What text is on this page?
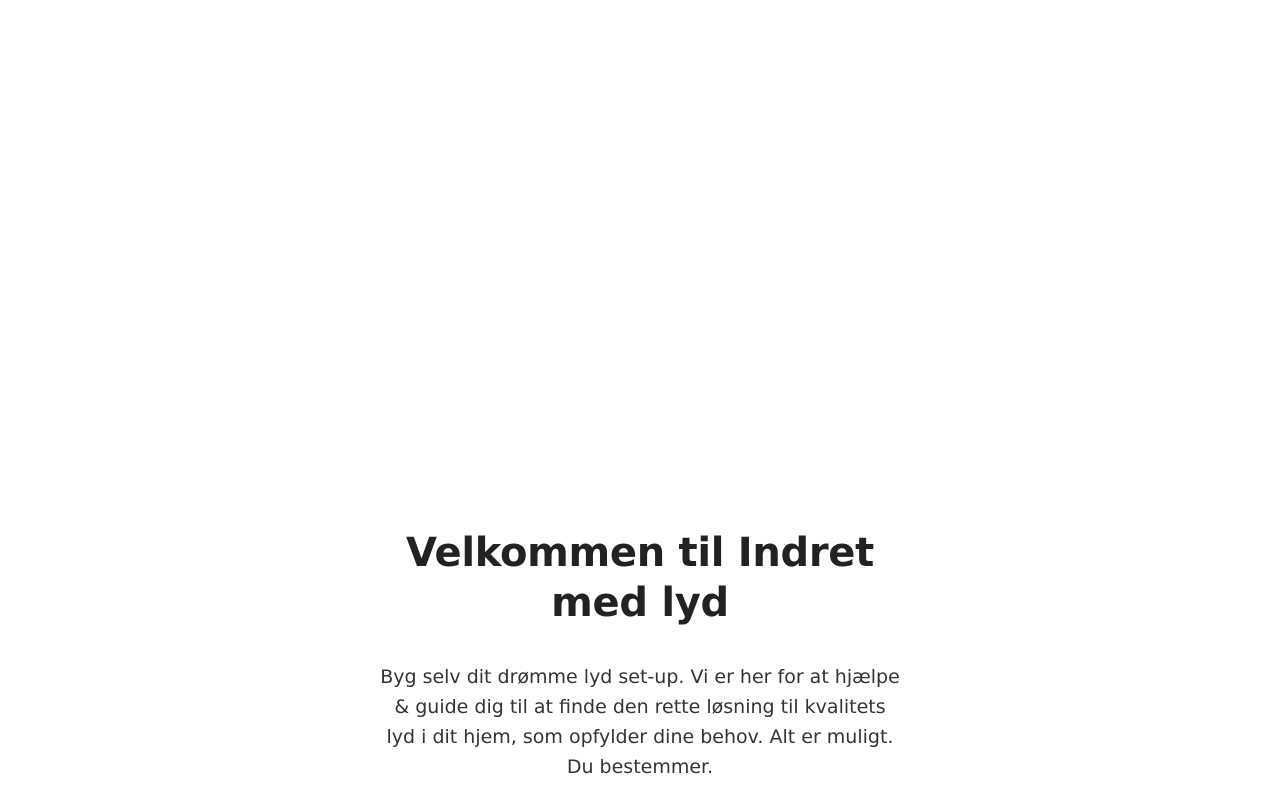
Velkommen til Indret med lyd

Byg selv dit drømme lyd set-up. Vi er her for at hjælpe & guide dig til at finde den rette løsning til kvalitets lyd i dit hjem, som opfylder dine behov. Alt er muligt. Du bestemmer.
